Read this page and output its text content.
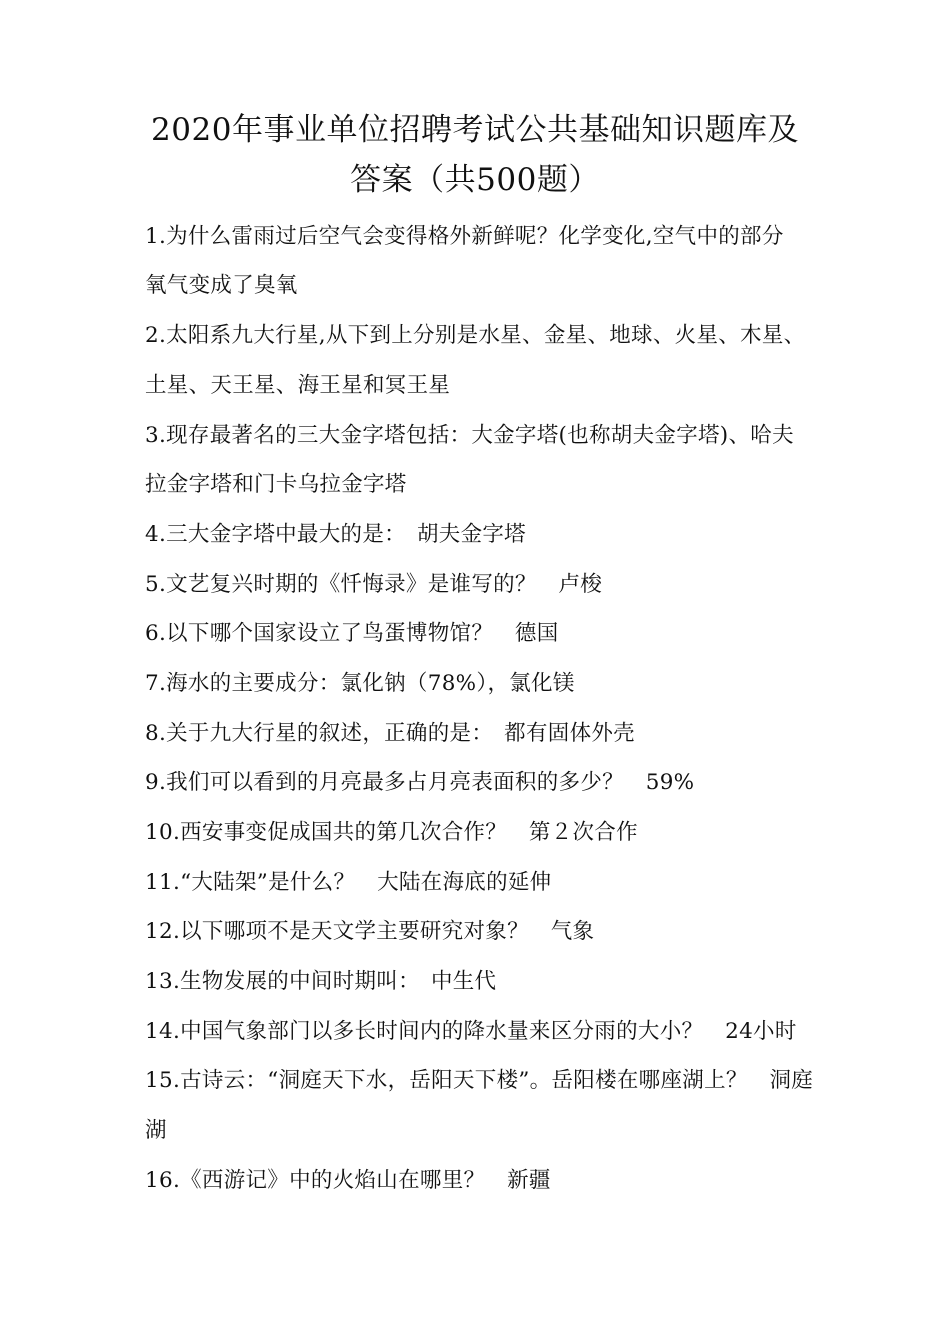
2020年事业单位招聘考试公共基础知识题库及
答案（共500题）
1.为什么雷雨过后空气会变得格外新鲜呢？化学变化,空气中的部分
氧气变成了臭氧
2.太阳系九大行星,从下到上分别是水星、金星、地球、火星、木星、
土星、天王星、海王星和冥王星
3.现存最著名的三大金字塔包括：大金字塔(也称胡夫金字塔)、哈夫
拉金字塔和门卡乌拉金字塔
4.三大金字塔中最大的是：　胡夫金字塔
5.文艺复兴时期的《忏悔录》是谁写的？　卢梭
6.以下哪个国家设立了鸟蛋博物馆？　德国
7.海水的主要成分：氯化钠（78%），氯化镁
8.关于九大行星的叙述，正确的是：　都有固体外壳
9.我们可以看到的月亮最多占月亮表面积的多少？　59%
10.西安事变促成国共的第几次合作？　第２次合作
11.“大陆架”是什么？　大陆在海底的延伸
12.以下哪项不是天文学主要研究对象？　气象
13.生物发展的中间时期叫：　中生代
14.中国气象部门以多长时间内的降水量来区分雨的大小？　24小时
15.古诗云：“洞庭天下水，岳阳天下楼”。岳阳楼在哪座湖上？　洞庭
湖
16.《西游记》中的火焰山在哪里？　新疆
